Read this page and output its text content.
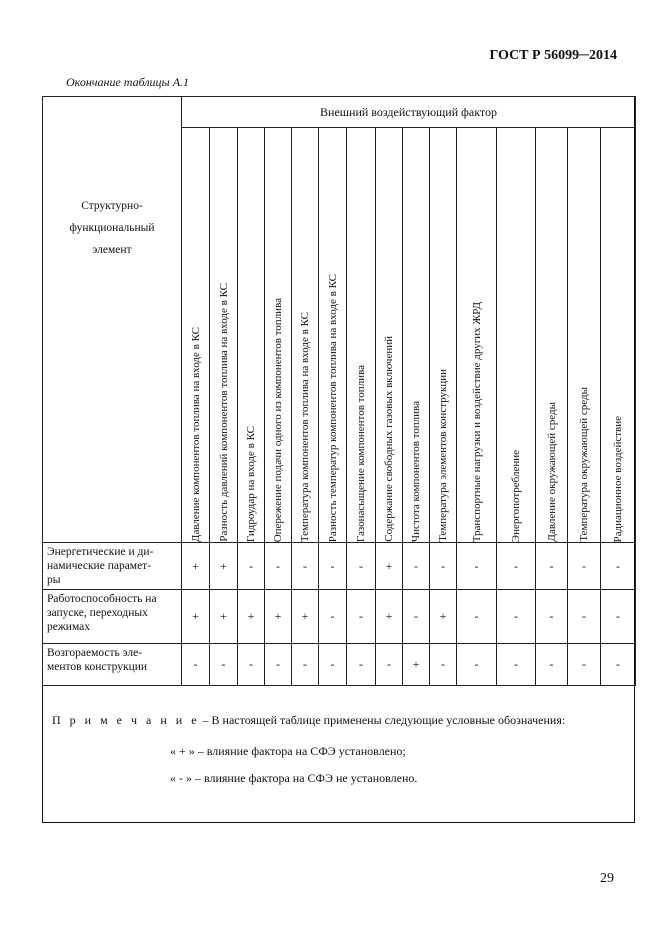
ГОСТ Р 56099─2014
Окончание таблицы А.1
Структурно-
функциональный
элемент	Внешний воздействующий фактор														

	Давление компонентов топлива на входе в КС	Разность давлений компонентов топлива на входе в КС	Гидроудар на входе в КС	Опережение подачи одного из компонентов топлива	Температура компонентов топлива на входе в КС	Разность температур компонентов топлива на входе в КС	Газонасыщение компонентов топлива	Содержание свободных газовых включений	Чистота компонентов топлива	Температура элементов конструкции	Транспортные нагрузки и воздействие других ЖРД	Энергопотребление	Давление окружающей среды	Температура окружающей среды	Радиационное воздействие

Энергетические и ди-
намические парамет-
ры	+	+	-	-	-	-	-	+	-	-	-	-	-	-	-

Работоспособность на
запуске, переходных
режимах	+	+	+	+	+	-	-	+	-	+	-	-	-	-	-

Возгораемость эле-
ментов конструкции	-	-	-	-	-	-	-	-	+	-	-	-	-	-	-
П р и м е ч а н и е – В настоящей таблице применены следующие условные обозначения:
« + » – влияние фактора на СФЭ установлено;
« - » – влияние фактора на СФЭ не установлено.
29
